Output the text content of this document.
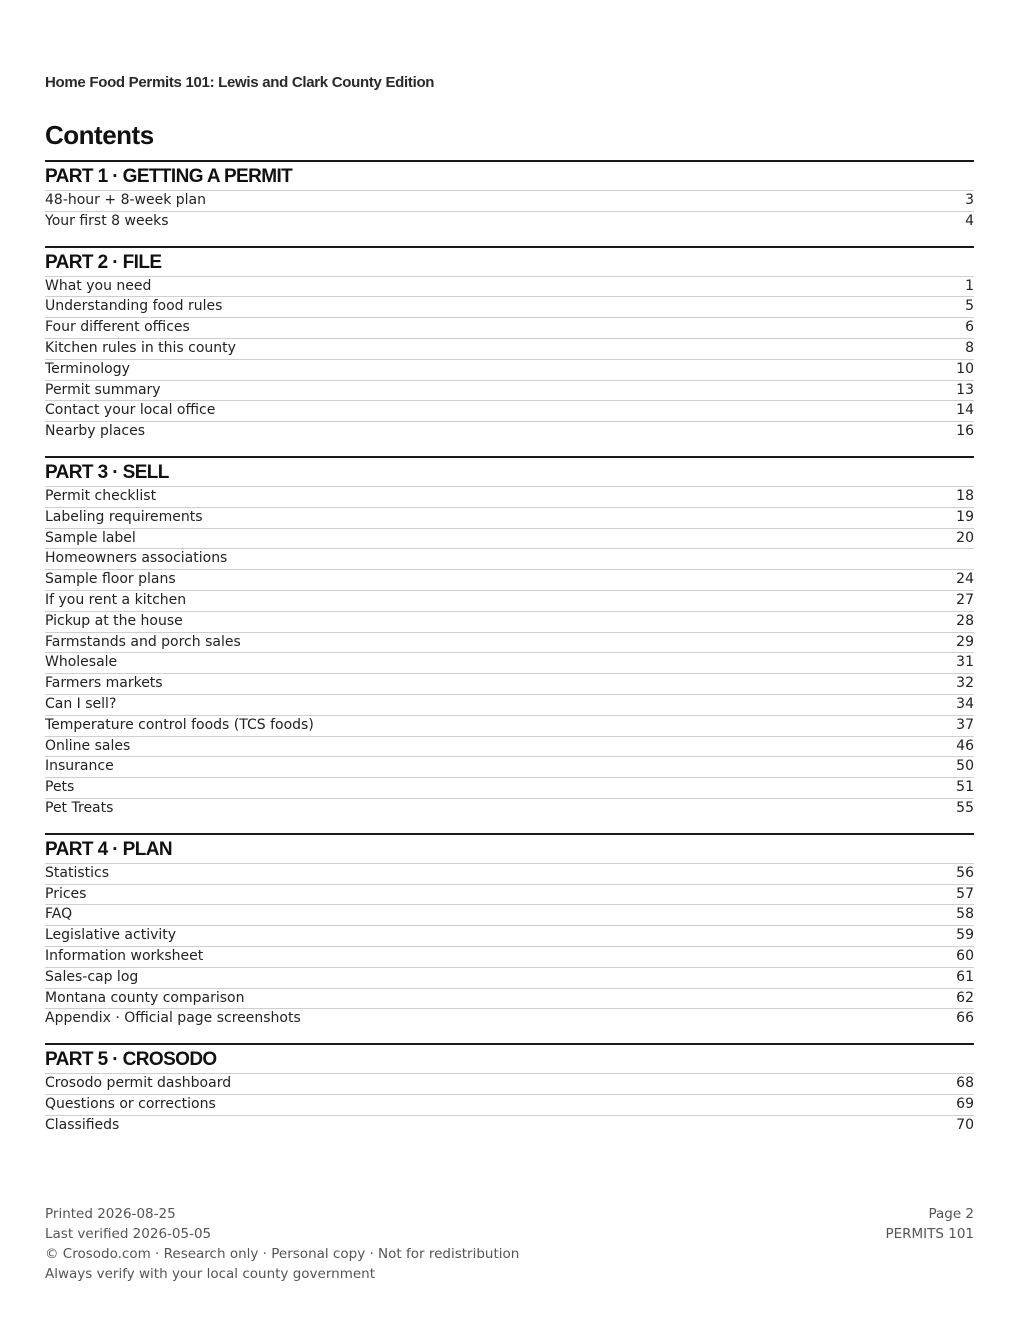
Home Food Permits 101: Lewis and Clark County Edition
Contents
PART 1 · GETTING A PERMIT
48-hour + 8-week plan	3
Your first 8 weeks	4
PART 2 · FILE
What you need	1
Understanding food rules	5
Four different offices	6
Kitchen rules in this county	8
Terminology	10
Permit summary	13
Contact your local office	14
Nearby places	16
PART 3 · SELL
Permit checklist	18
Labeling requirements	19
Sample label	20
Homeowners associations
Sample floor plans	24
If you rent a kitchen	27
Pickup at the house	28
Farmstands and porch sales	29
Wholesale	31
Farmers markets	32
Can I sell?	34
Temperature control foods (TCS foods)	37
Online sales	46
Insurance	50
Pets	51
Pet Treats	55
PART 4 · PLAN
Statistics	56
Prices	57
FAQ	58
Legislative activity	59
Information worksheet	60
Sales-cap log	61
Montana county comparison	62
Appendix · Official page screenshots	66
PART 5 · CROSODO
Crosodo permit dashboard	68
Questions or corrections	69
Classifieds	70
Printed 2026-08-25
Last verified 2026-05-05
© Crosodo.com · Research only · Personal copy · Not for redistribution
Always verify with your local county government
Page 2
PERMITS 101
